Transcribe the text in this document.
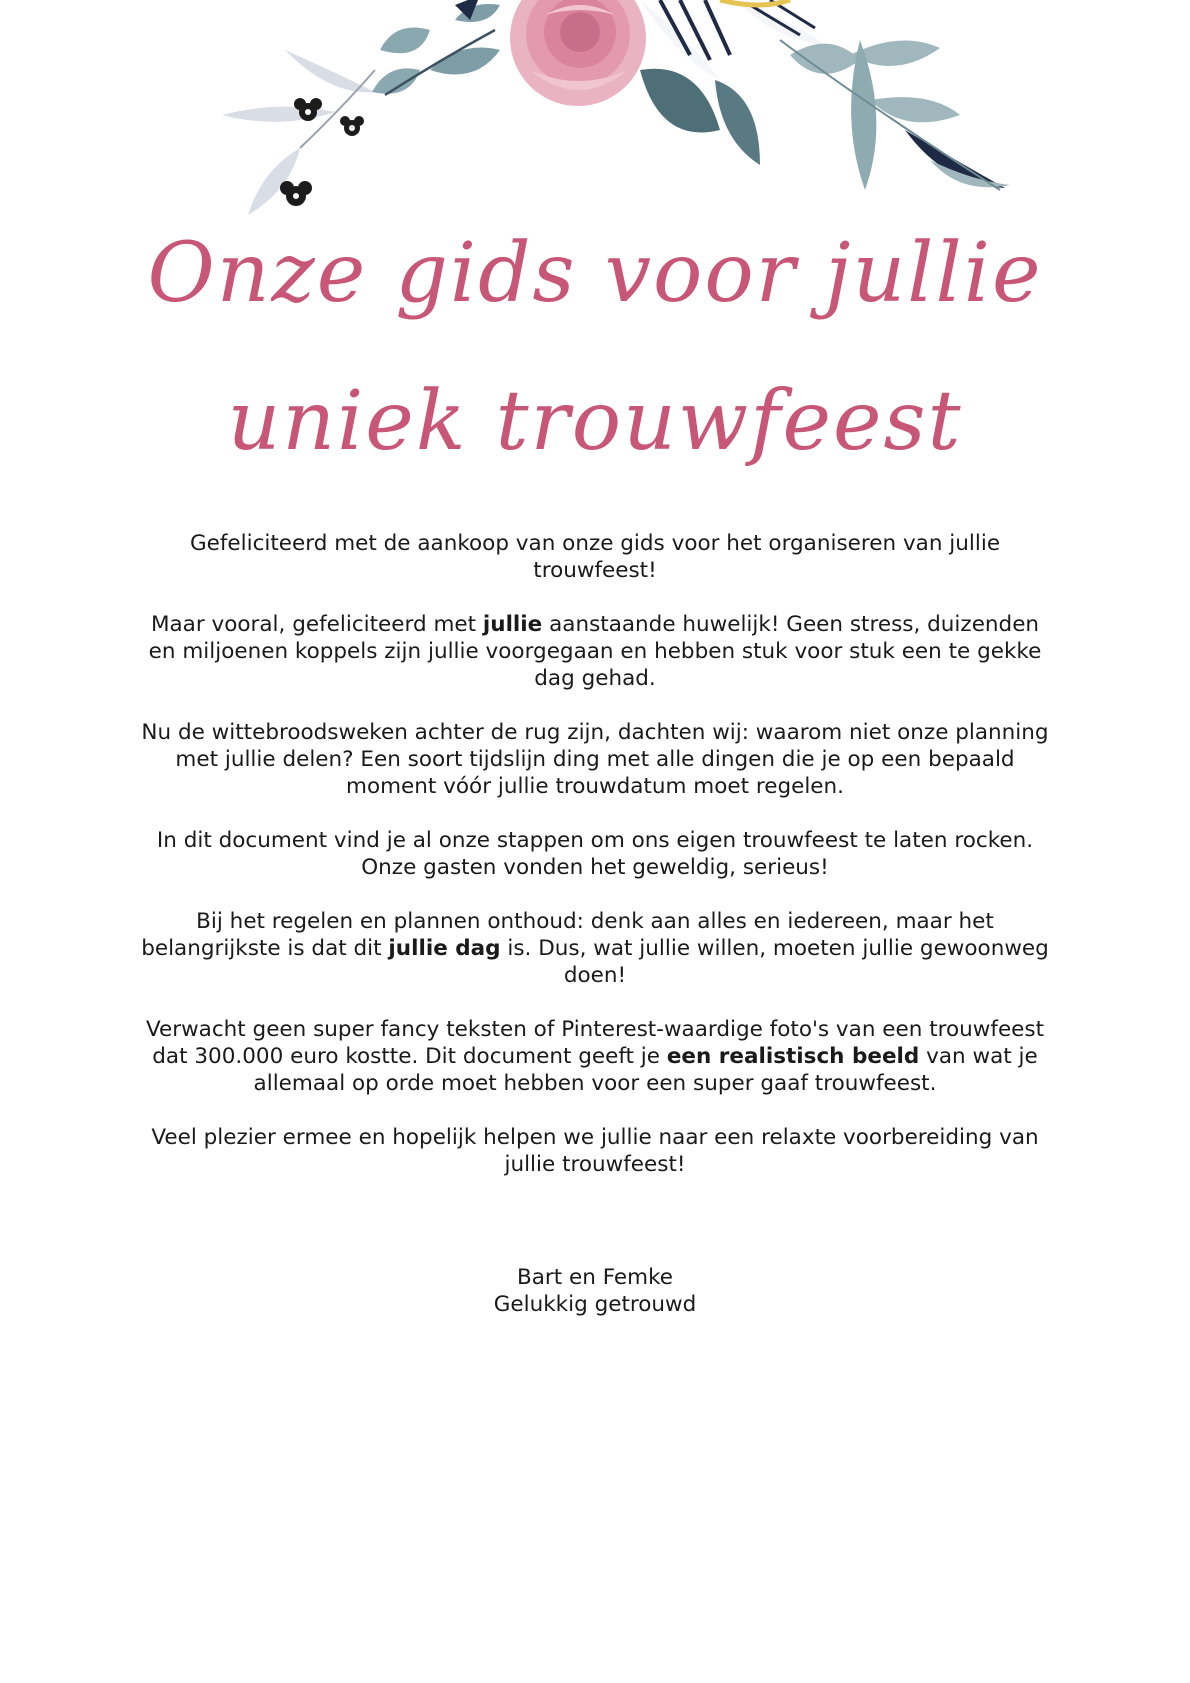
Onze gids voor jullie
uniek trouwfeest

Gefeliciteerd met de aankoop van onze gids voor het organiseren van jullie trouwfeest!

Maar vooral, gefeliciteerd met jullie aanstaande huwelijk! Geen stress, duizenden en miljoenen koppels zijn jullie voorgegaan en hebben stuk voor stuk een te gekke dag gehad.

Nu de wittebroodsweken achter de rug zijn, dachten wij: waarom niet onze planning met jullie delen? Een soort tijdslijn ding met alle dingen die je op een bepaald moment vóór jullie trouwdatum moet regelen.

In dit document vind je al onze stappen om ons eigen trouwfeest te laten rocken. Onze gasten vonden het geweldig, serieus!

Bij het regelen en plannen onthoud: denk aan alles en iedereen, maar het belangrijkste is dat dit jullie dag is. Dus, wat jullie willen, moeten jullie gewoonweg doen!

Verwacht geen super fancy teksten of Pinterest-waardige foto's van een trouwfeest dat 300.000 euro kostte. Dit document geeft je een realistisch beeld van wat je allemaal op orde moet hebben voor een super gaaf trouwfeest.

Veel plezier ermee en hopelijk helpen we jullie naar een relaxte voorbereiding van jullie trouwfeest!

Bart en Femke
Gelukkig getrouwd
